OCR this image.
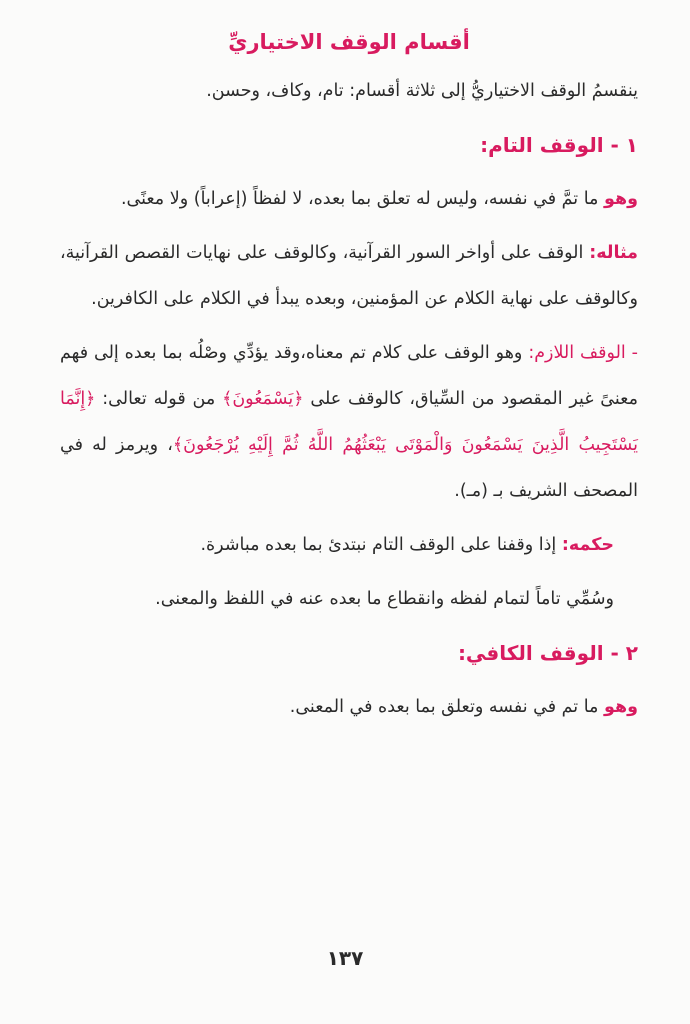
أقسام الوقف الاختياريِّ

ينقسمُ الوقف الاختياريُّ إلى ثلاثة أقسام: تام، وكاف، وحسن.

١ - الوقف التام:

وهو ما تمَّ في نفسه، وليس له تعلق بما بعده، لا لفظاً (إعراباً) ولا معنًى.

مثاله: الوقف على أواخر السور القرآنية، وكالوقف على نهايات القصص القرآنية، وكالوقف على نهاية الكلام عن المؤمنين، وبعده يبدأ في الكلام على الكافرين.

- الوقف اللازم: وهو الوقف على كلام تم معناه،وقد يؤدِّي وصْلُه بما بعده إلى فهم معنىً غير المقصود من السِّياق، كالوقف على ﴿يَسْمَعُونَ﴾ من قوله تعالى: ﴿إِنَّمَا يَسْتَجِيبُ الَّذِينَ يَسْمَعُونَ وَالْمَوْتَى يَبْعَثُهُمُ اللَّهُ ثُمَّ إِلَيْهِ يُرْجَعُونَ﴾، ويرمز له في المصحف الشريف بـ (مـ).

حكمه: إذا وقفنا على الوقف التام نبتدئ بما بعده مباشرة.

وسُمِّي تاماً لتمام لفظه وانقطاع ما بعده عنه في اللفظ والمعنى.

٢ - الوقف الكافي:

وهو ما تم في نفسه وتعلق بما بعده في المعنى.

١٣٧
